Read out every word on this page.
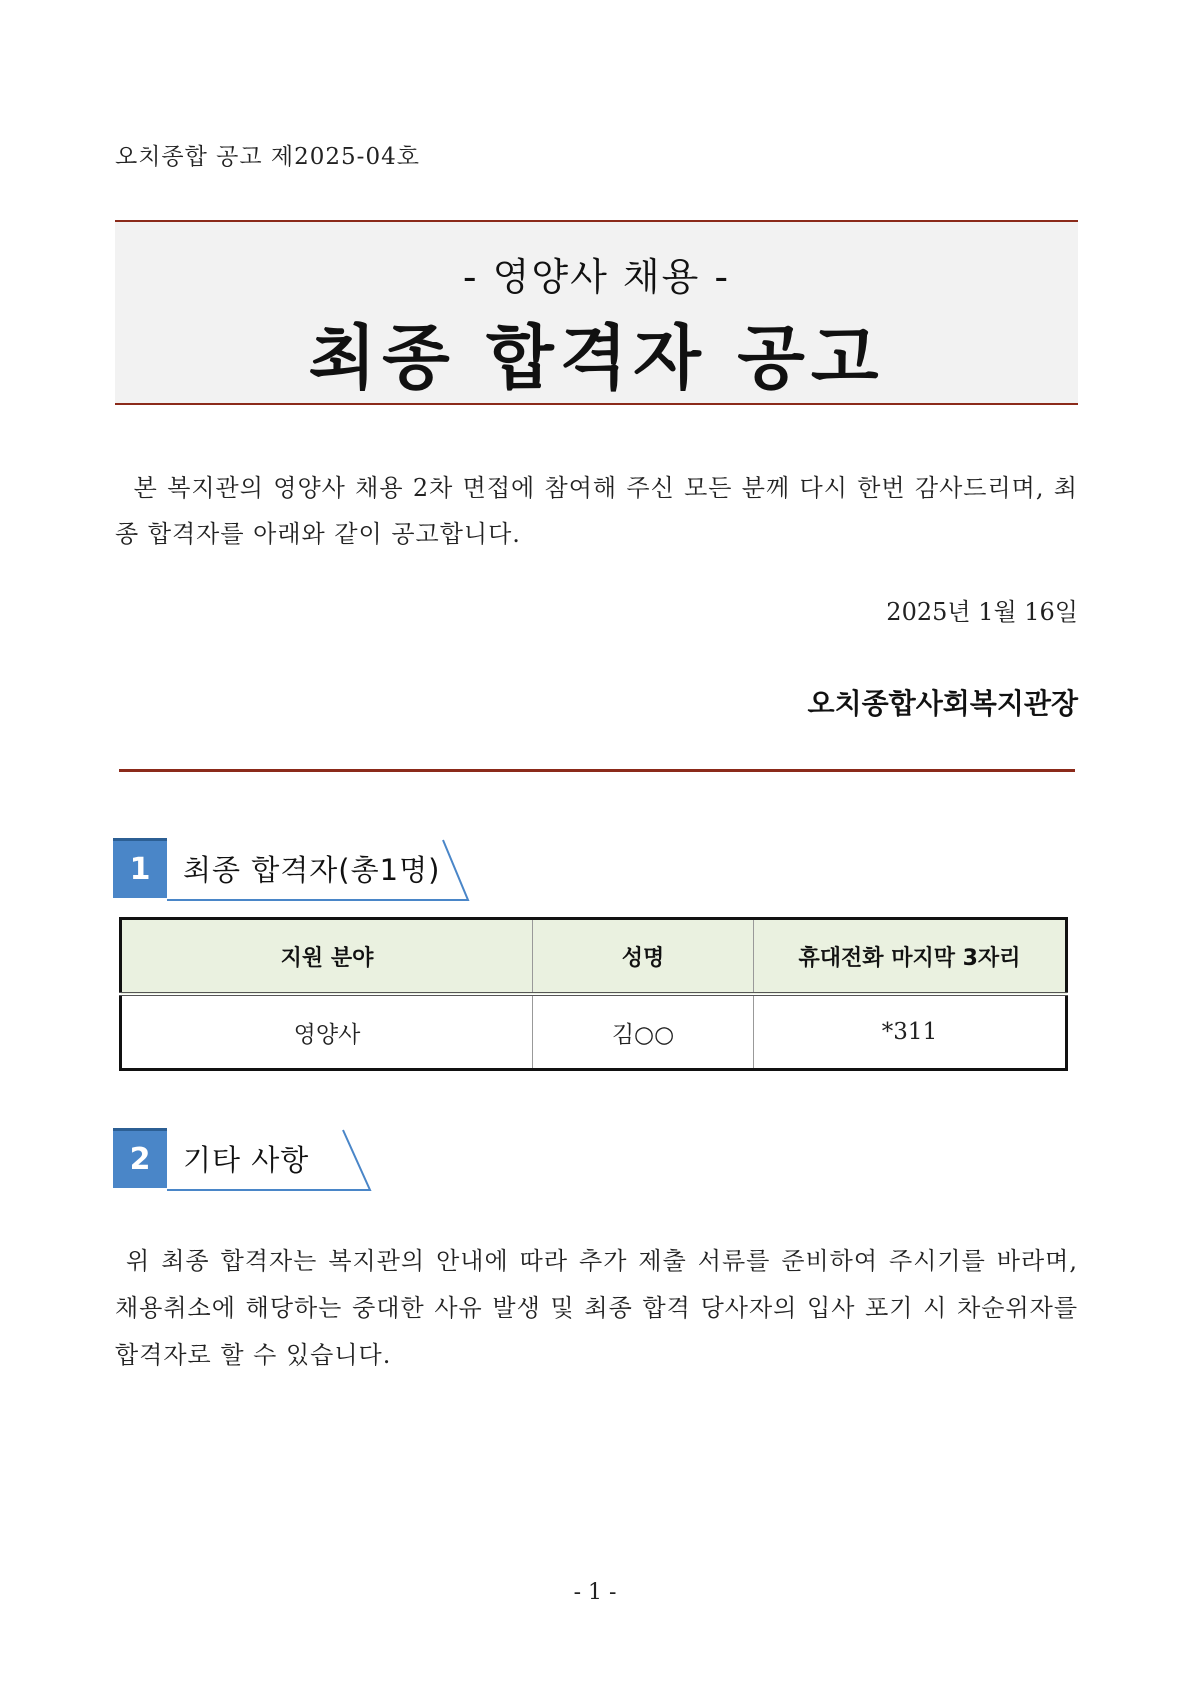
오치종합 공고 제2025-04호
- 영양사 채용 -
최종 합격자 공고
본 복지관의 영양사 채용 2차 면접에 참여해 주신 모든 분께 다시 한번 감사드리며, 최종 합격자를 아래와 같이 공고합니다.
2025년 1월 16일
오치종합사회복지관장
1	최종 합격자(총1명)
지원 분야	성명	휴대전화 마지막 3자리
영양사	김○○	*311
2	기타 사항
위 최종 합격자는 복지관의 안내에 따라 추가 제출 서류를 준비하여 주시기를 바라며, 채용취소에 해당하는 중대한 사유 발생 및 최종 합격 당사자의 입사 포기 시 차순위자를 합격자로 할 수 있습니다.
- 1 -
